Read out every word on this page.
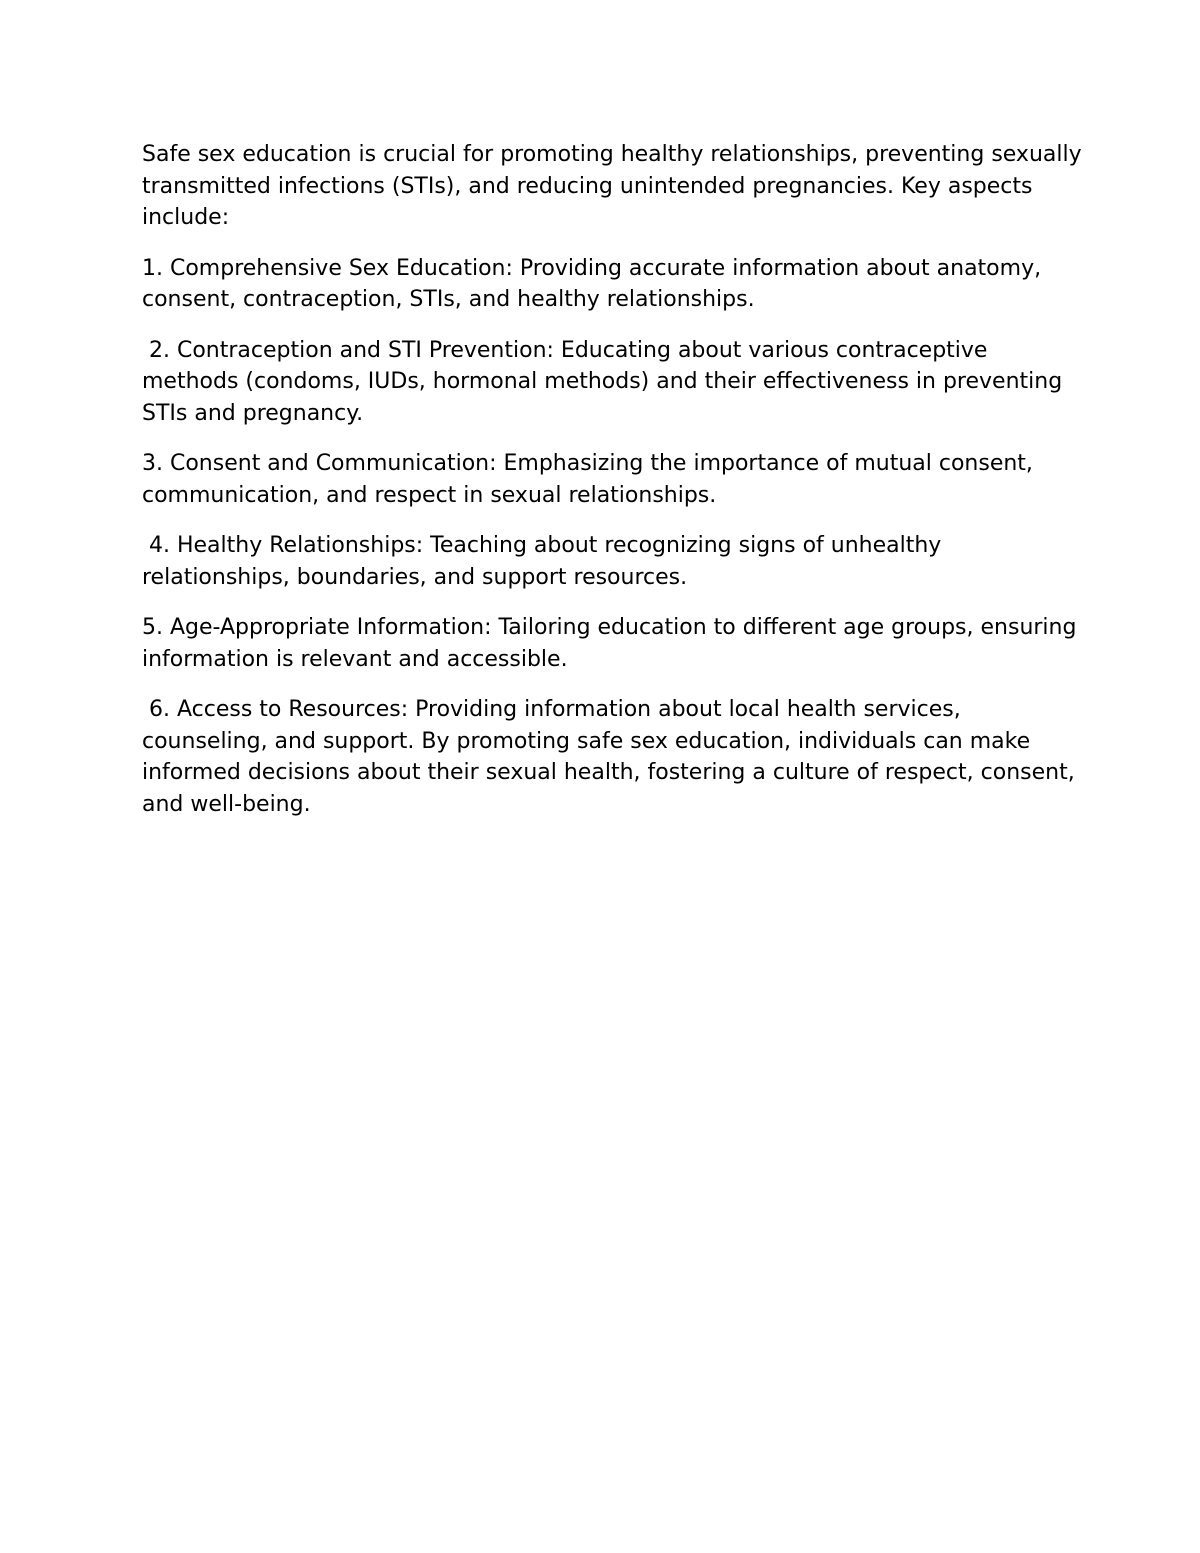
Safe sex education is crucial for promoting healthy relationships, preventing sexually transmitted infections (STIs), and reducing unintended pregnancies. Key aspects include:

1. Comprehensive Sex Education: Providing accurate information about anatomy, consent, contraception, STIs, and healthy relationships.

2. Contraception and STI Prevention: Educating about various contraceptive methods (condoms, IUDs, hormonal methods) and their effectiveness in preventing STIs and pregnancy.

3. Consent and Communication: Emphasizing the importance of mutual consent, communication, and respect in sexual relationships.

4. Healthy Relationships: Teaching about recognizing signs of unhealthy relationships, boundaries, and support resources.

5. Age-Appropriate Information: Tailoring education to different age groups, ensuring information is relevant and accessible.

6. Access to Resources: Providing information about local health services, counseling, and support. By promoting safe sex education, individuals can make informed decisions about their sexual health, fostering a culture of respect, consent, and well-being.
